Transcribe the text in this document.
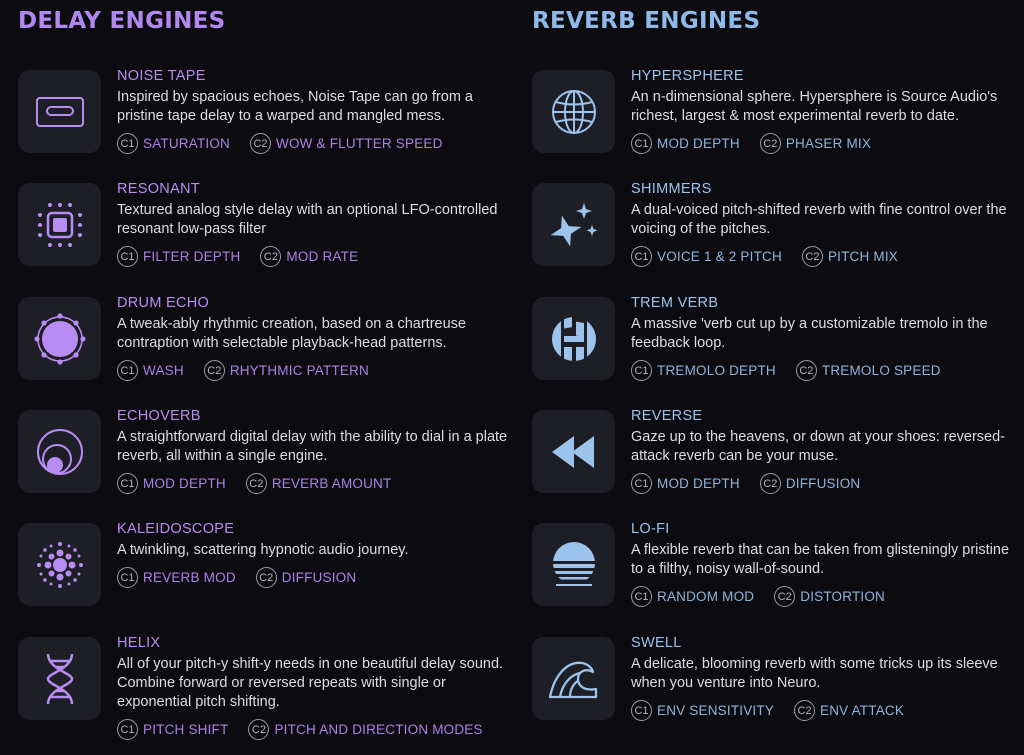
DELAY ENGINES
NOISE TAPE
Inspired by spacious echoes, Noise Tape can go from a pristine tape delay to a warped and mangled mess.
C1 SATURATION	C2 WOW & FLUTTER SPEED
RESONANT
Textured analog style delay with an optional LFO-controlled resonant low-pass filter
C1 FILTER DEPTH	C2 MOD RATE
DRUM ECHO
A tweak-ably rhythmic creation, based on a chartreuse contraption with selectable playback-head patterns.
C1 WASH	C2 RHYTHMIC PATTERN
ECHOVERB
A straightforward digital delay with the ability to dial in a plate reverb, all within a single engine.
C1 MOD DEPTH	C2 REVERB AMOUNT
KALEIDOSCOPE
A twinkling, scattering hypnotic audio journey.
C1 REVERB MOD	C2 DIFFUSION
HELIX
All of your pitch-y shift-y needs in one beautiful delay sound. Combine forward or reversed repeats with single or exponential pitch shifting.
C1 PITCH SHIFT	C2 PITCH AND DIRECTION MODES
REVERB ENGINES
HYPERSPHERE
An n-dimensional sphere. Hypersphere is Source Audio's richest, largest & most experimental reverb to date.
C1 MOD DEPTH	C2 PHASER MIX
SHIMMERS
A dual-voiced pitch-shifted reverb with fine control over the voicing of the pitches.
C1 VOICE 1 & 2 PITCH	C2 PITCH MIX
TREM VERB
A massive 'verb cut up by a customizable tremolo in the feedback loop.
C1 TREMOLO DEPTH	C2 TREMOLO SPEED
REVERSE
Gaze up to the heavens, or down at your shoes: reversed-attack reverb can be your muse.
C1 MOD DEPTH	C2 DIFFUSION
LO-FI
A flexible reverb that can be taken from glisteningly pristine to a filthy, noisy wall-of-sound.
C1 RANDOM MOD	C2 DISTORTION
SWELL
A delicate, blooming reverb with some tricks up its sleeve when you venture into Neuro.
C1 ENV SENSITIVITY	C2 ENV ATTACK
